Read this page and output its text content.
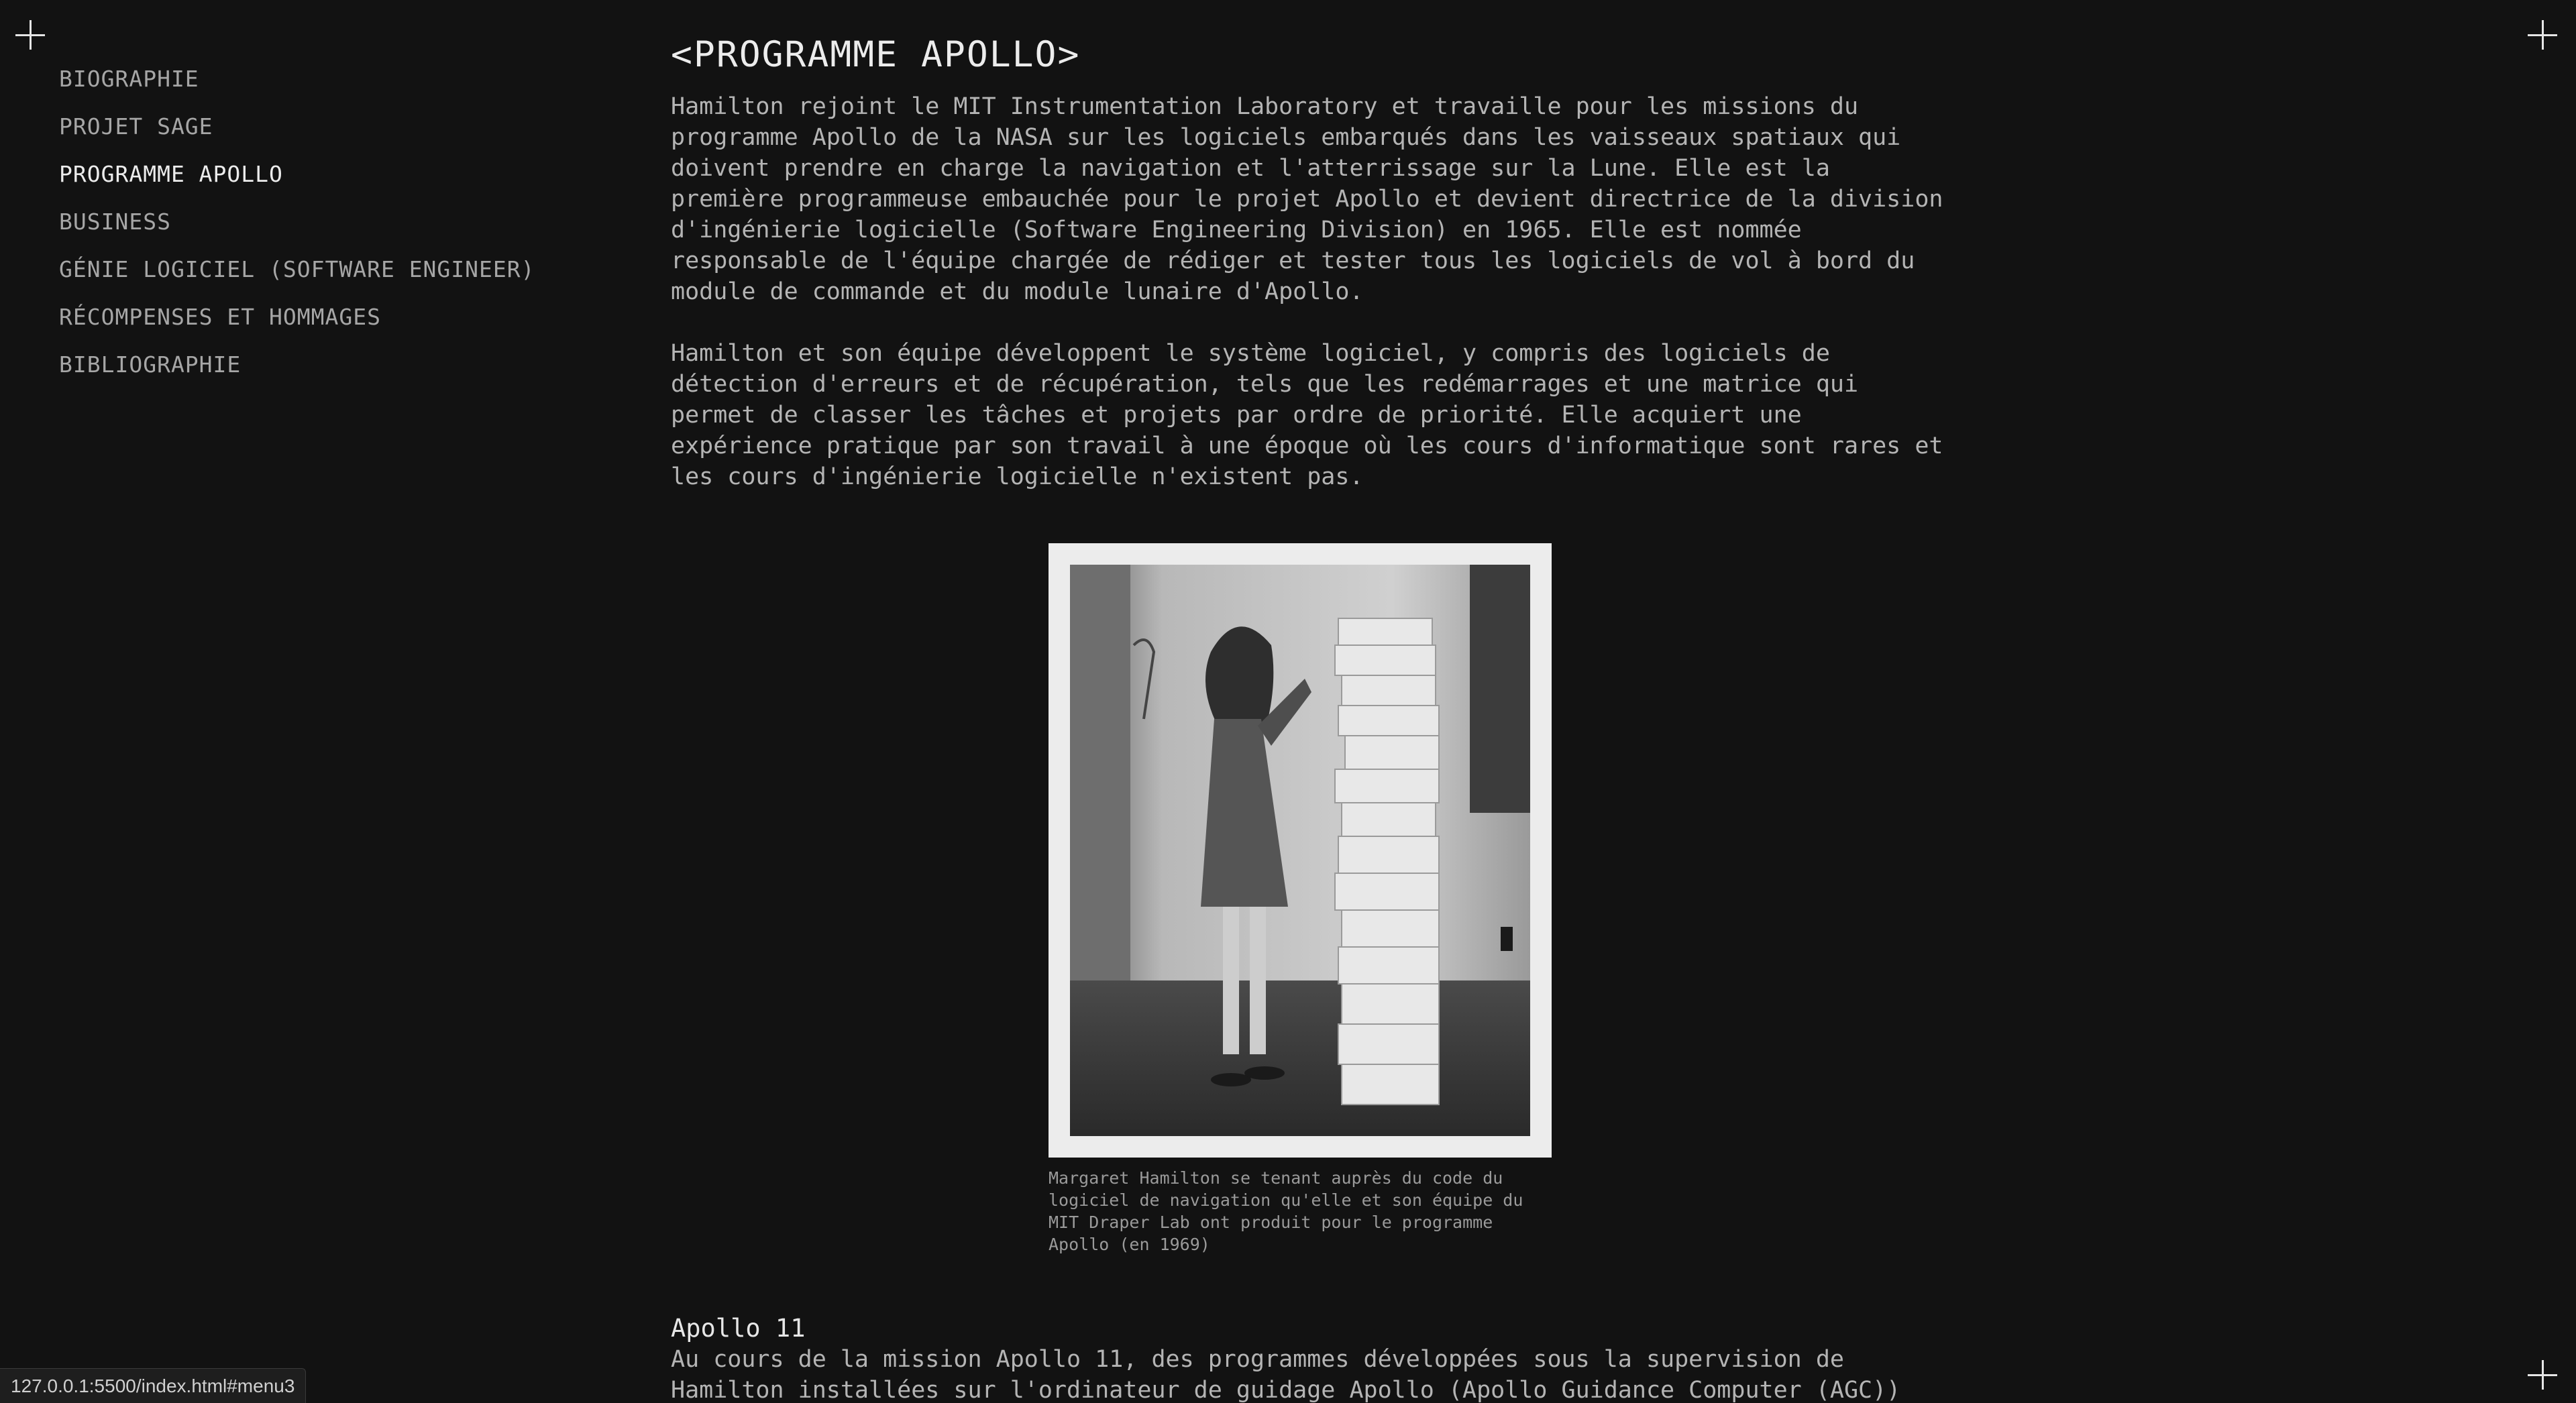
BIOGRAPHIE
PROJET SAGE
PROGRAMME APOLLO
BUSINESS
GÉNIE LOGICIEL (SOFTWARE ENGINEER)
RÉCOMPENSES ET HOMMAGES
BIBLIOGRAPHIE
<PROGRAMME APOLLO>

Hamilton rejoint le MIT Instrumentation Laboratory et travaille pour les missions du programme Apollo de la NASA sur les logiciels embarqués dans les vaisseaux spatiaux qui doivent prendre en charge la navigation et l'atterrissage sur la Lune. Elle est la première programmeuse embauchée pour le projet Apollo et devient directrice de la division d'ingénierie logicielle (Software Engineering Division) en 1965. Elle est nommée responsable de l'équipe chargée de rédiger et tester tous les logiciels de vol à bord du module de commande et du module lunaire d'Apollo.

Hamilton et son équipe développent le système logiciel, y compris des logiciels de détection d'erreurs et de récupération, tels que les redémarrages et une matrice qui permet de classer les tâches et projets par ordre de priorité. Elle acquiert une expérience pratique par son travail à une époque où les cours d'informatique sont rares et les cours d'ingénierie logicielle n'existent pas.

Margaret Hamilton se tenant auprès du code du logiciel de navigation qu'elle et son équipe du MIT Draper Lab ont produit pour le programme Apollo (en 1969)
Apollo 11

Au cours de la mission Apollo 11, des programmes développées sous la supervision de Hamilton installées sur l'ordinateur de guidage Apollo (Apollo Guidance Computer (AGC))

127.0.0.1:5500/index.html#menu3
